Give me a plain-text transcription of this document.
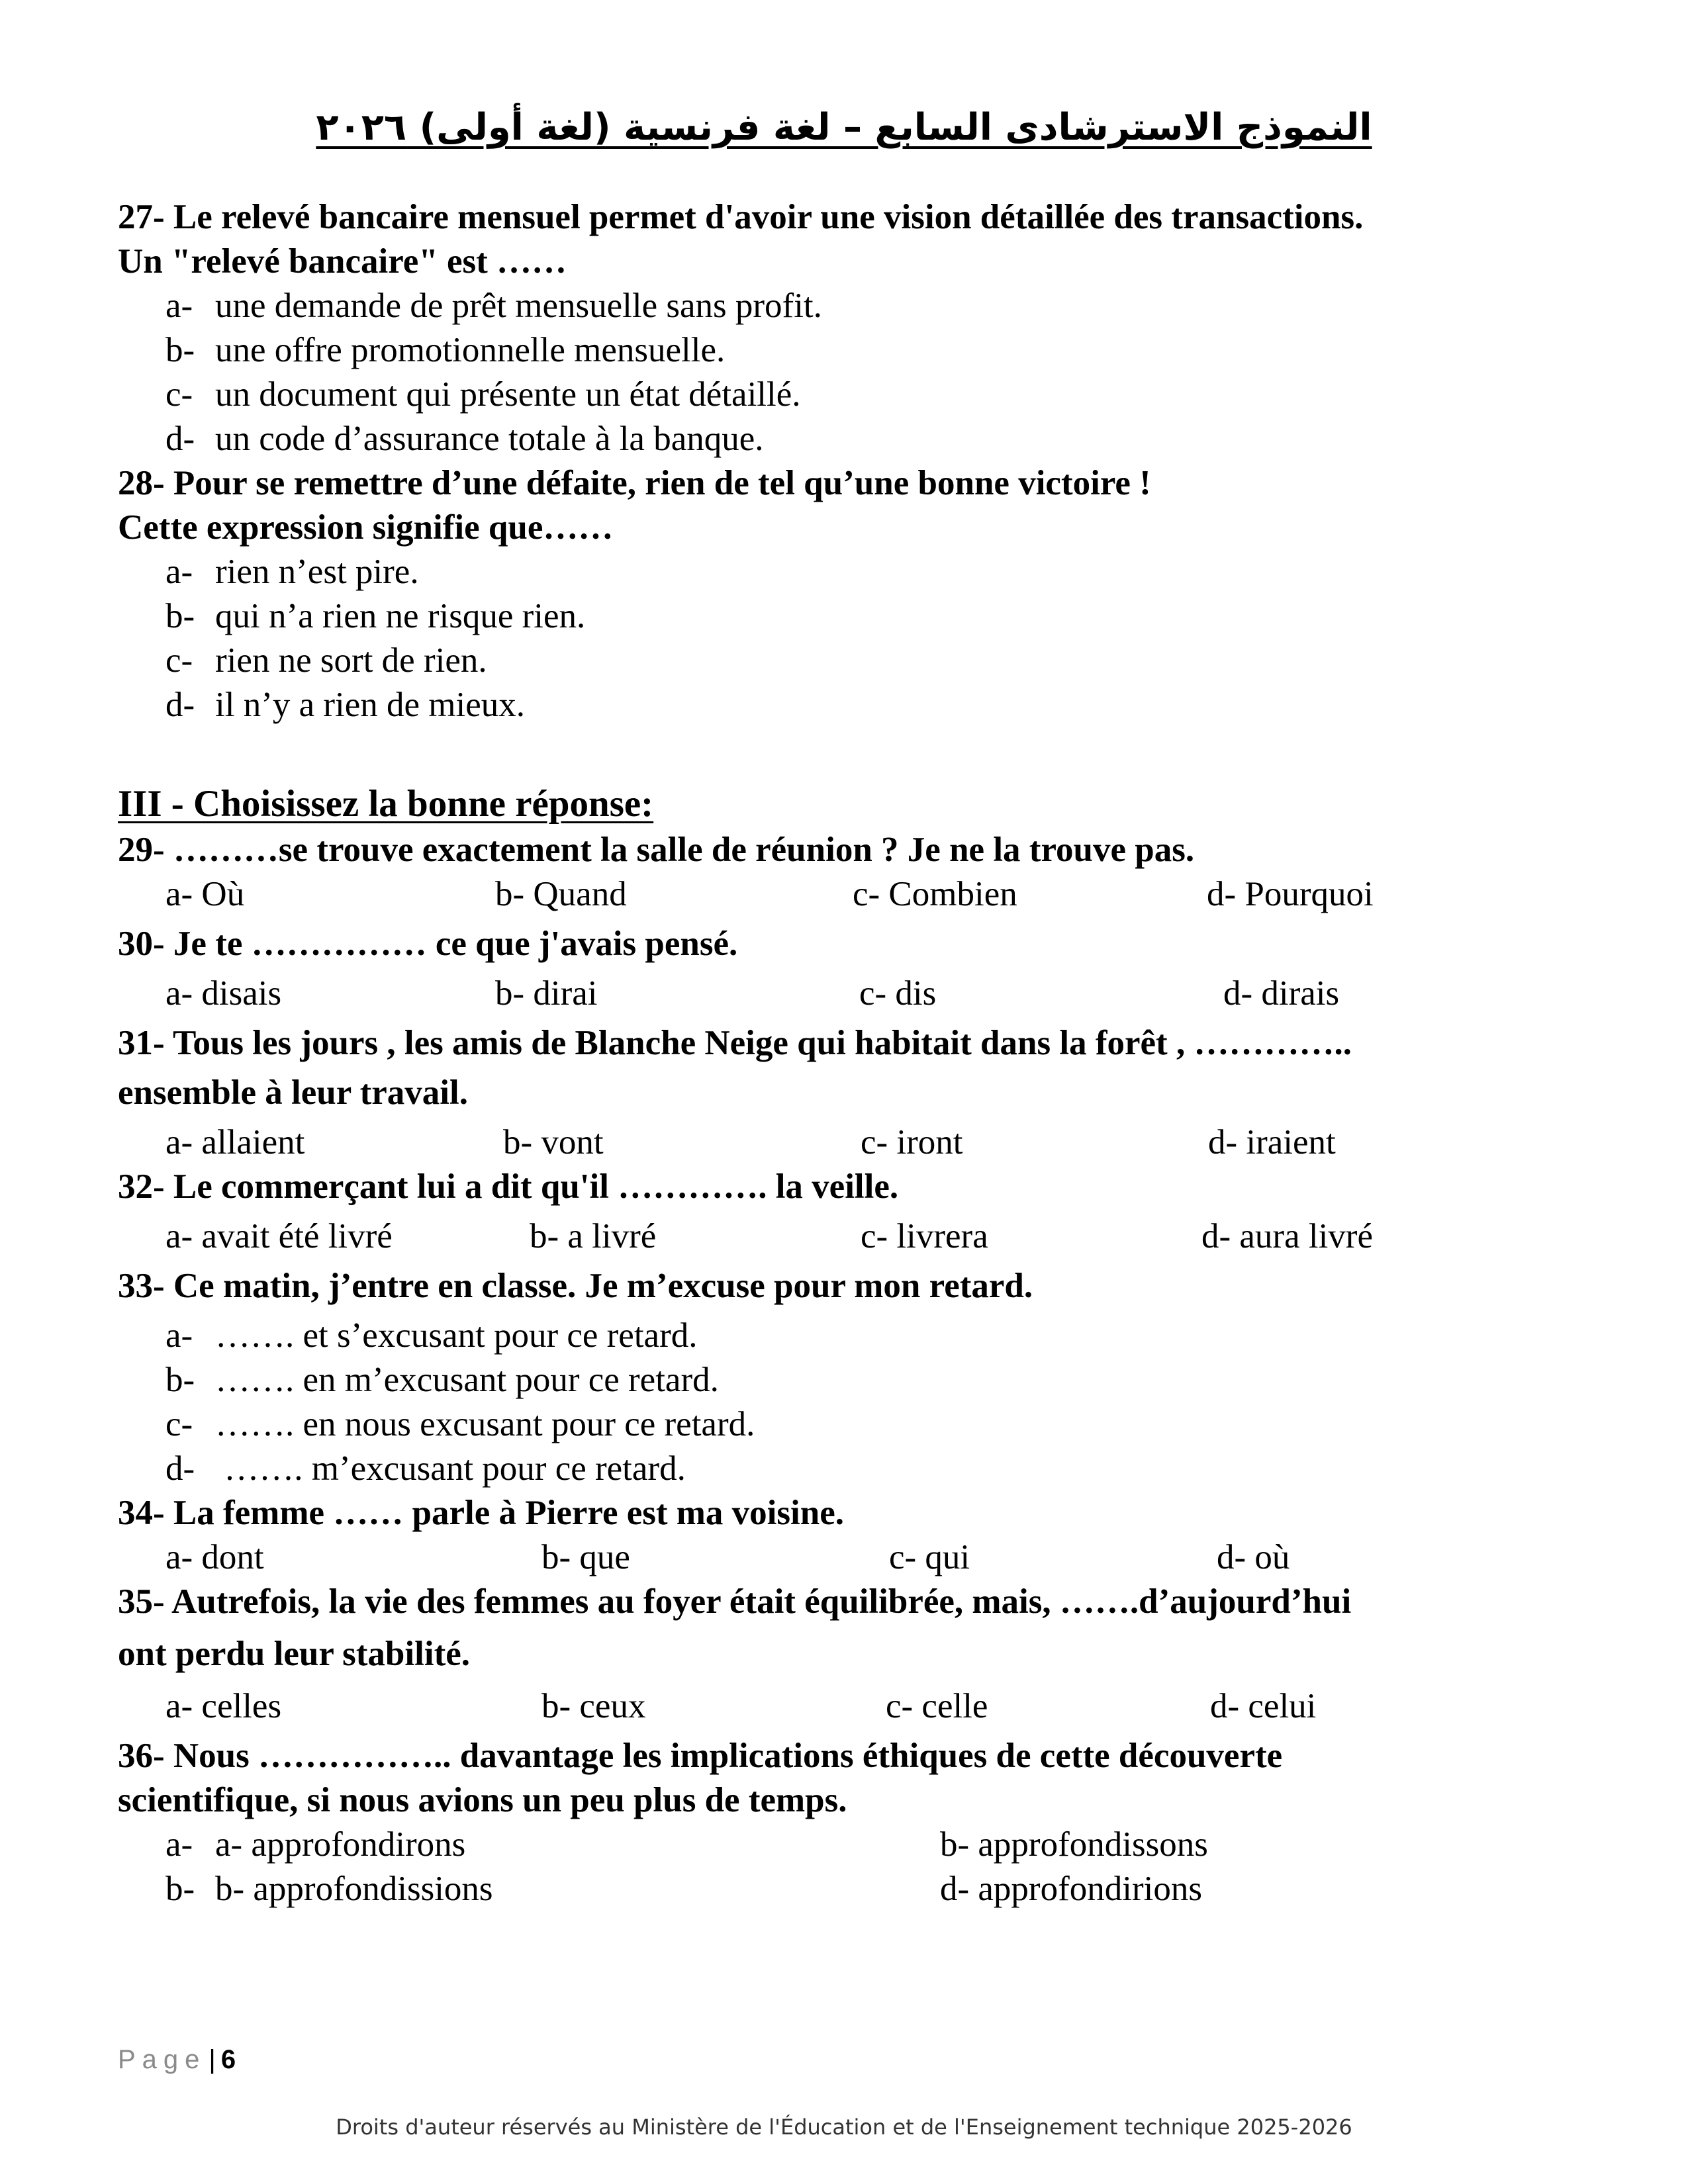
النموذج الاسترشادى السابع – لغة فرنسية (لغة أولى) ٢٠٢٦
27- Le relevé bancaire mensuel permet d'avoir une vision détaillée des transactions.
Un "relevé bancaire" est ……
a- une demande de prêt mensuelle sans profit.
b- une offre promotionnelle mensuelle.
c- un document qui présente un état détaillé.
d- un code d’assurance totale à la banque.
28- Pour se remettre d’une défaite, rien de tel qu’une bonne victoire !
Cette expression signifie que……
a- rien n’est pire.
b- qui n’a rien ne risque rien.
c- rien ne sort de rien.
d- il n’y a rien de mieux.
III - Choisissez la bonne réponse:
29- ………se trouve exactement la salle de réunion ? Je ne la trouve pas.
a- Où	b- Quand	c- Combien	d- Pourquoi
30- Je te …………… ce que j'avais pensé.
a- disais	b- dirai	c- dis	d- dirais
31- Tous les jours , les amis de Blanche Neige qui habitait dans la forêt , …………..
ensemble à leur travail.
a- allaient	b- vont	c- iront	d- iraient
32- Le commerçant lui a dit qu'il …………. la veille.
a- avait été livré	b- a livré	c- livrera	d- aura livré
33- Ce matin, j’entre en classe. Je m’excuse pour mon retard.
a- ……. et s’excusant pour ce retard.
b- ……. en m’excusant pour ce retard.
c- ……. en nous excusant pour ce retard.
d- ……. m’excusant pour ce retard.
34- La femme …… parle à Pierre est ma voisine.
a- dont	b- que	c- qui	d- où
35- Autrefois, la vie des femmes au foyer était équilibrée, mais, …….d’aujourd’hui
ont perdu leur stabilité.
a- celles	b- ceux	c- celle	d- celui
36- Nous …………….. davantage les implications éthiques de cette découverte
scientifique, si nous avions un peu plus de temps.
a- a- approfondirons	b- approfondissons
b- b- approfondissions	d- approfondirions
Page | 6
Droits d'auteur réservés au Ministère de l'Éducation et de l'Enseignement technique 2025-2026
